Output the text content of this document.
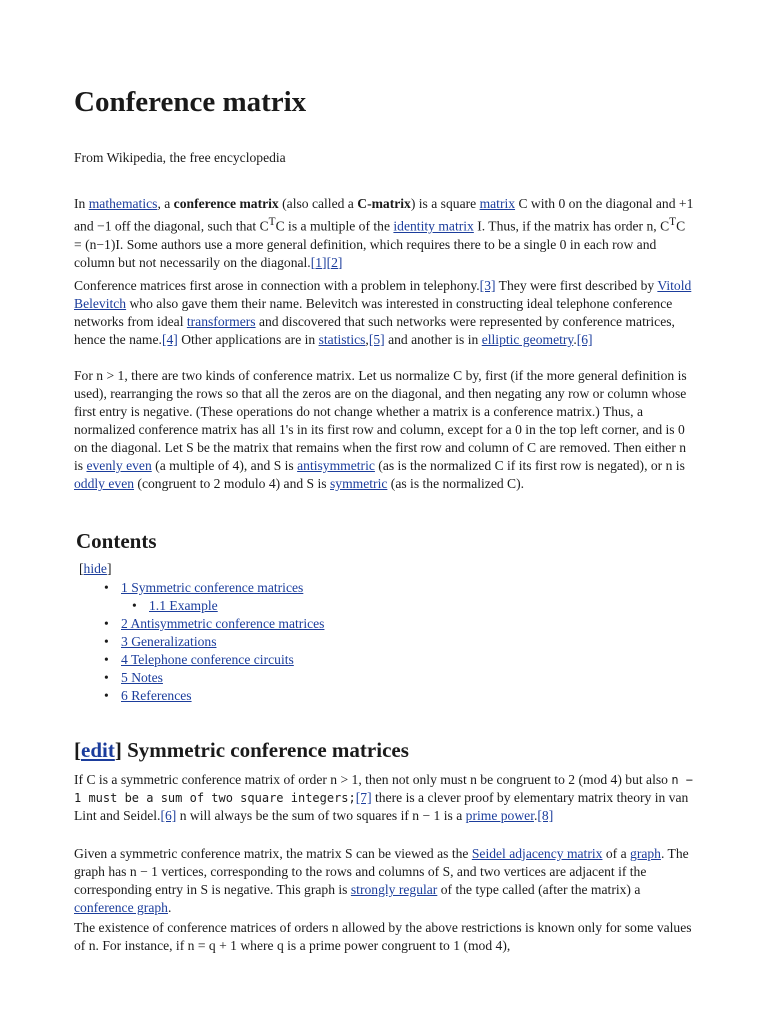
Conference matrix
From Wikipedia, the free encyclopedia

In mathematics, a conference matrix (also called a C-matrix) is a square matrix C with 0 on the diagonal and +1 and −1 off the diagonal, such that $C^TC$ is a multiple of the identity matrix I. Thus, if the matrix has order n, $C^TC = (n-1)I$. Some authors use a more general definition, which requires there to be a single 0 in each row and column but not necessarily on the diagonal.[1][2]

Conference matrices first arose in connection with a problem in telephony.[3] They were first described by Vitold Belevitch who also gave them their name. Belevitch was interested in constructing ideal telephone conference networks from ideal transformers and discovered that such networks were represented by conference matrices, hence the name.[4] Other applications are in statistics,[5] and another is in elliptic geometry.[6]

For n > 1, there are two kinds of conference matrix. Let us normalize C by, first (if the more general definition is used), rearranging the rows so that all the zeros are on the diagonal, and then negating any row or column whose first entry is negative. (These operations do not change whether a matrix is a conference matrix.) Thus, a normalized conference matrix has all 1's in its first row and column, except for a 0 in the top left corner, and is 0 on the diagonal. Let S be the matrix that remains when the first row and column of C are removed. Then either n is evenly even (a multiple of 4), and S is antisymmetric (as is the normalized C if its first row is negated), or n is oddly even (congruent to 2 modulo 4) and S is symmetric (as is the normalized C).

Contents
[hide]
• 1 Symmetric conference matrices
• 1.1 Example
• 2 Antisymmetric conference matrices
• 3 Generalizations
• 4 Telephone conference circuits
• 5 Notes
• 6 References
[edit] Symmetric conference matrices

If C is a symmetric conference matrix of order n > 1, then not only must n be congruent to 2 (mod 4) but also n − 1 must be a sum of two square integers;[7] there is a clever proof by elementary matrix theory in van Lint and Seidel.[6] n will always be the sum of two squares if n − 1 is a prime power.[8]

Given a symmetric conference matrix, the matrix S can be viewed as the Seidel adjacency matrix of a graph. The graph has n − 1 vertices, corresponding to the rows and columns of S, and two vertices are adjacent if the corresponding entry in S is negative. This graph is strongly regular of the type called (after the matrix) a conference graph.

The existence of conference matrices of orders n allowed by the above restrictions is known only for some values of n. For instance, if n = q + 1 where q is a prime power congruent to 1 (mod 4),
